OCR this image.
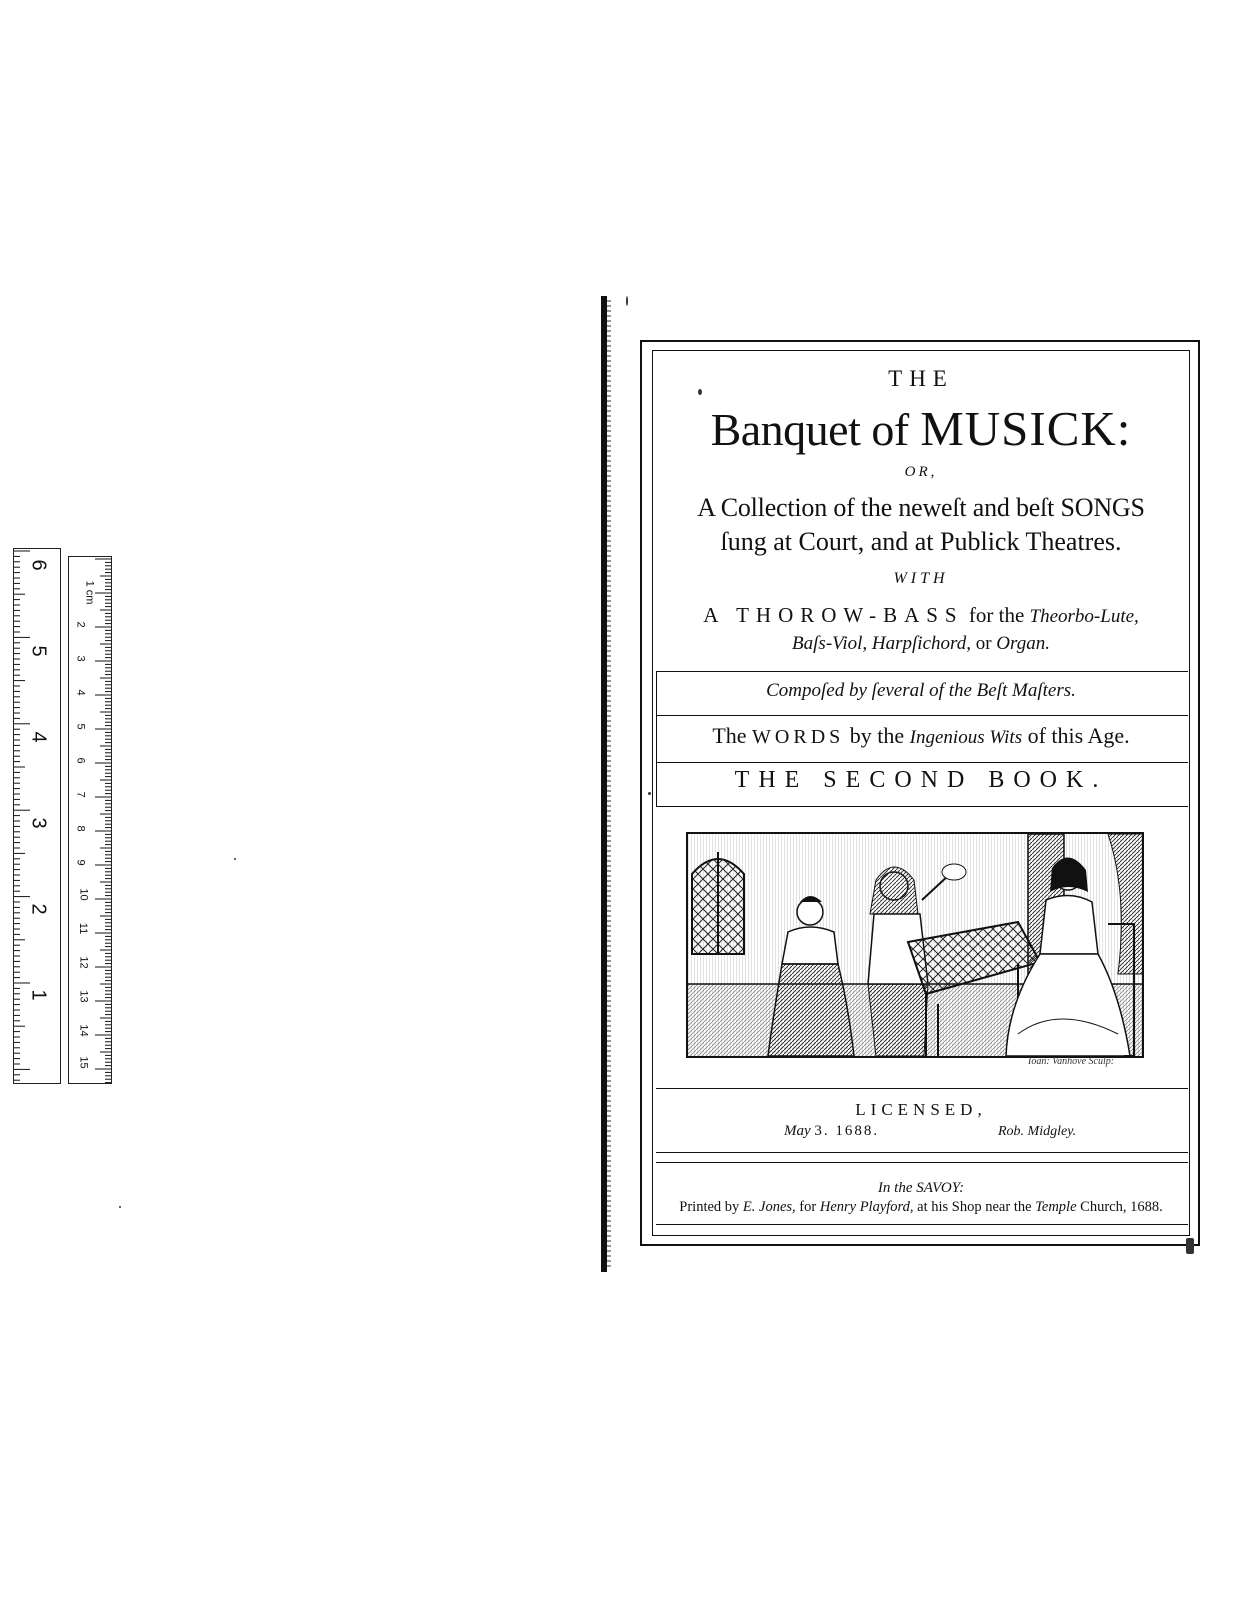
6
5
4
3
2
1
1 cm
2
3
4
5
6
7
8
9
10
11
12
13
14
15
THE
Banquet of MUSICK:
OR,
A Collection of the neweſt and beſt SONGS
ſung at Court, and at Publick Theatres.
WITH
A THOROW-BASS for the Theorbo-Lute,
Baſs-Viol, Harpſichord, or Organ.
Compoſed by ſeveral of the Beſt Maſters.
The WORDS by the Ingenious Wits of this Age.
THE SECOND BOOK.
LICENSED,
In the SAVOY:
Printed by E. Jones, for Henry Playford, at his Shop near the Temple Church, 1688.
May 3. 1688.	Rob. Midgley.
Ioan: Vanhove Sculp:
